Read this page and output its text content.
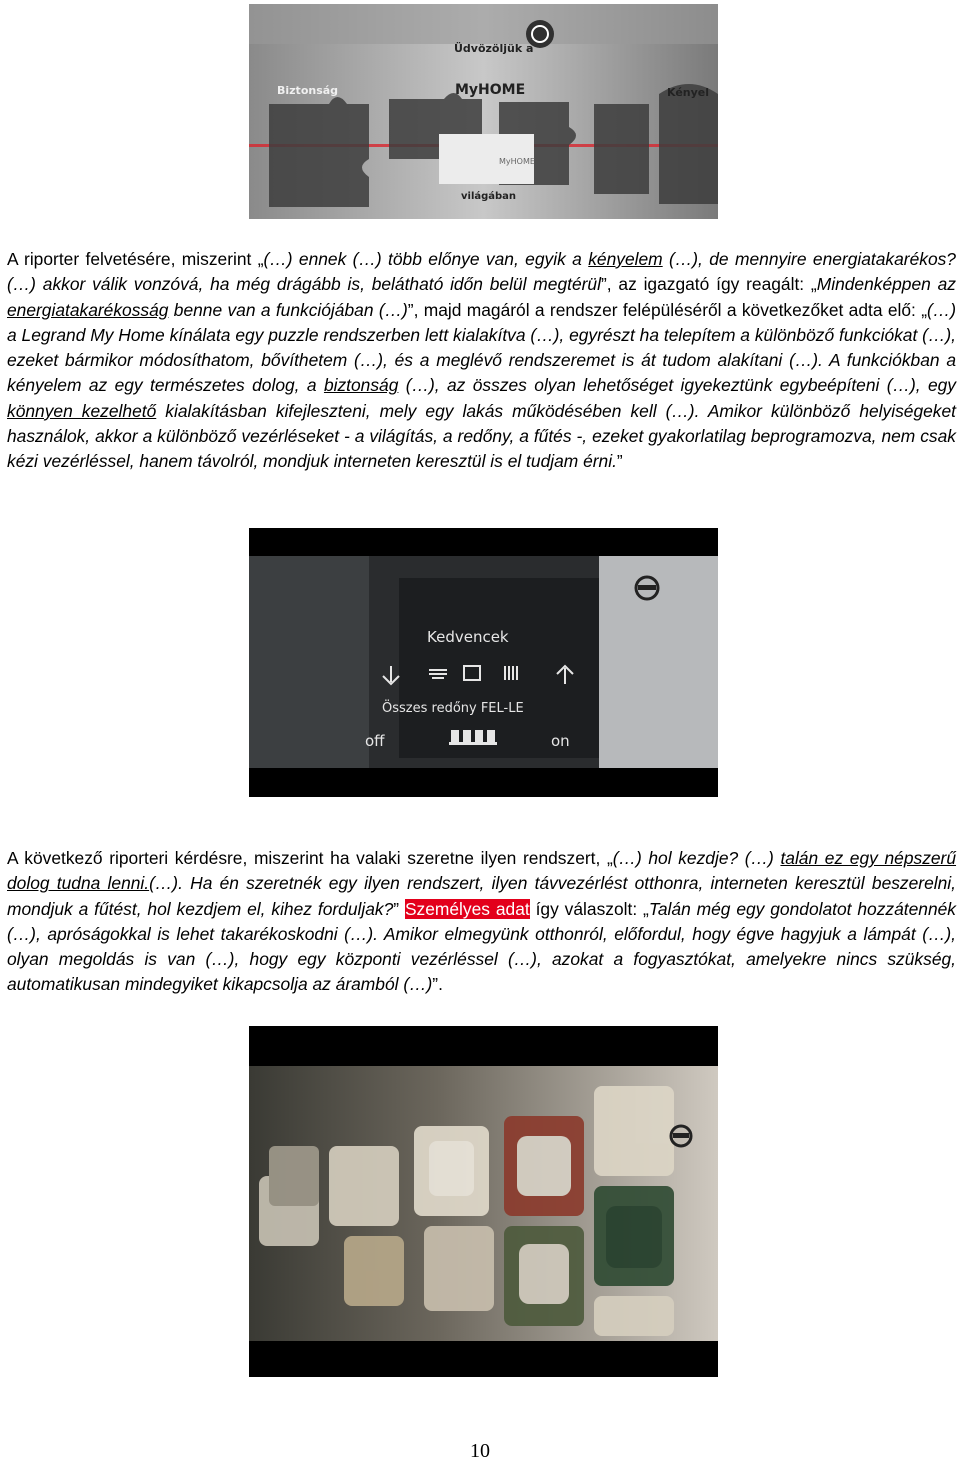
Biztonság
Üdvözöljük a
MyHOME	Kényel
MyHOME
világában
A riporter felvetésére, miszerint „(…) ennek (…) több előnye van, egyik a kényelem (…), de mennyire energiatakarékos? (…) akkor válik vonzóvá, ha még drágább is, belátható időn belül megtérül”, az igazgató így reagált: „Mindenképpen az energiatakarékosság benne van a funkciójában (…)”, majd magáról a rendszer felépüléséről a következőket adta elő: „(…) a Legrand My Home kínálata egy puzzle rendszerben lett kialakítva (…), egyrészt ha telepítem a különböző funkciókat (…), ezeket bármikor módosíthatom, bővíthetem (…), és a meglévő rendszeremet is át tudom alakítani (…). A funkciókban a kényelem az egy természetes dolog, a biztonság (…), az összes olyan lehetőséget igyekeztünk egybeépíteni (…), egy könnyen kezelhető kialakításban kifejleszteni, mely egy lakás működésében kell (…). Amikor különböző helyiségeket használok, akkor a különböző vezérléseket - a világítás, a redőny, a fűtés -, ezeket gyakorlatilag beprogramozva, nem csak kézi vezérléssel, hanem távolról, mondjuk interneten keresztül is el tudjam érni.”
Kedvencek
Összes redőny FEL-LE
off	on
A következő riporteri kérdésre, miszerint ha valaki szeretne ilyen rendszert, „(…) hol kezdje? (…) talán ez egy népszerű dolog tudna lenni.(…). Ha én szeretnék egy ilyen rendszert, ilyen távvezérlést otthonra, interneten keresztül beszerelni, mondjuk a fűtést, hol kezdjem el, kihez forduljak?” Személyes adat így válaszolt: „Talán még egy gondolatot hozzátennék (…), apróságokkal is lehet takarékoskodni (…). Amikor elmegyünk otthonról, előfordul, hogy égve hagyjuk a lámpát (…), olyan megoldás is van (…), hogy egy központi vezérléssel (…), azokat a fogyasztókat, amelyekre nincs szükség, automatikusan mindegyiket kikapcsolja az áramból (…)”.
10
